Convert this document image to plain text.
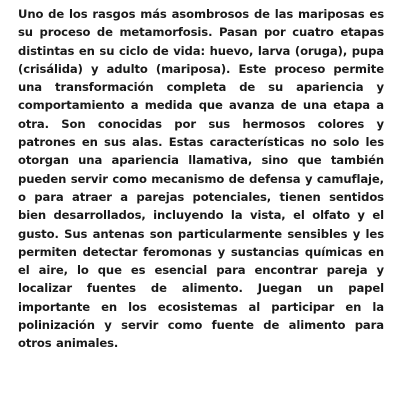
Uno de los rasgos más asombrosos de las mariposas es su proceso de metamorfosis. Pasan por cuatro etapas distintas en su ciclo de vida: huevo, larva (oruga), pupa (crisálida) y adulto (mariposa). Este proceso permite una transformación completa de su apariencia y comportamiento a medida que avanza de una etapa a otra. Son conocidas por sus hermosos colores y patrones en sus alas. Estas características no solo les otorgan una apariencia llamativa, sino que también pueden servir como mecanismo de defensa y camuflaje, o para atraer a parejas potenciales, tienen sentidos bien desarrollados, incluyendo la vista, el olfato y el gusto. Sus antenas son particularmente sensibles y les permiten detectar feromonas y sustancias químicas en el aire, lo que es esencial para encontrar pareja y localizar fuentes de alimento. Juegan un papel importante en los ecosistemas al participar en la polinización y servir como fuente de alimento para otros animales.
